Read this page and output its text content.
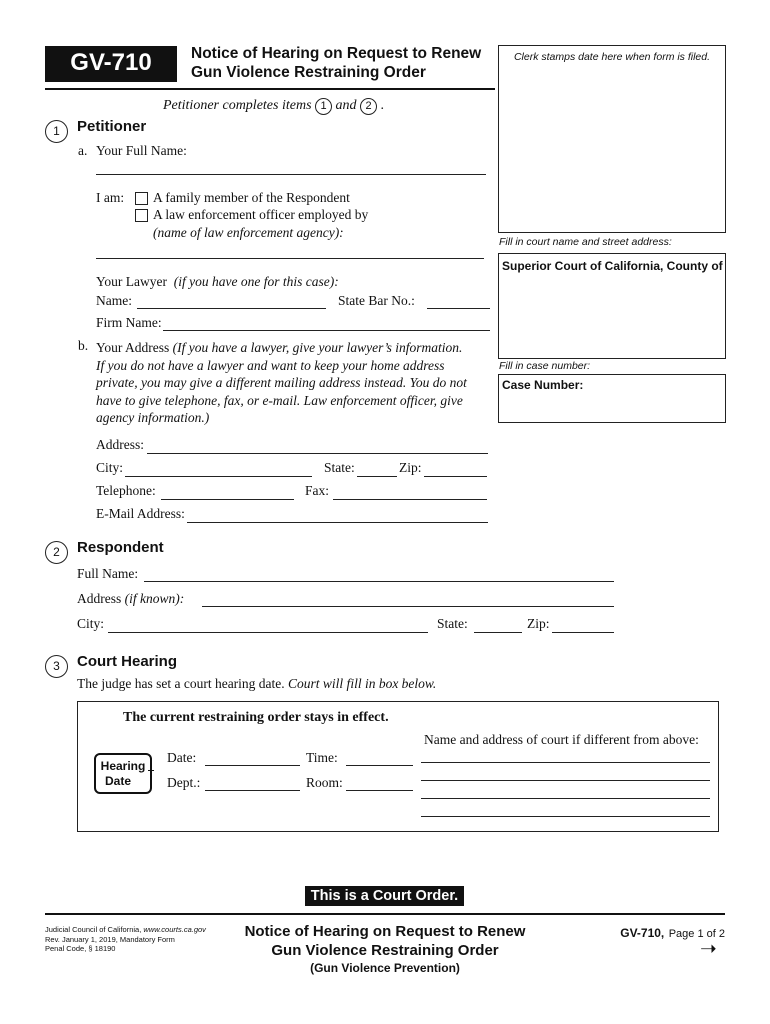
GV-710	Notice of Hearing on Request to Renew
Gun Violence Restraining Order
Clerk stamps date here when form is filed.
Fill in court name and street address:
Superior Court of California, County of
Fill in case number:
Case Number:
Petitioner completes items 1 and 2 .
1	Petitioner
a. Your Full Name:
I am: A family member of the Respondent
A law enforcement officer employed by
(name of law enforcement agency):
Your Lawyer (if you have one for this case):
Name:	State Bar No.:
Firm Name:
b. Your Address (If you have a lawyer, give your lawyer’s information.
If you do not have a lawyer and want to keep your home address
private, you may give a different mailing address instead. You do not
have to give telephone, fax, or e-mail. Law enforcement officer, give
agency information.)
Address:
City:	State:	Zip:
Telephone:	Fax:
E-Mail Address:
2	Respondent
Full Name:
Address (if known):
City:	State:	Zip:
3	Court Hearing
The judge has set a court hearing date. Court will fill in box below.
The current restraining order stays in effect.
Name and address of court if different from above:
Hearing
Date
Date:	Time:
Dept.:	Room:
This is a Court Order.
Judicial Council of California, www.courts.ca.gov
Rev. January 1, 2019, Mandatory Form
Penal Code, § 18190
Notice of Hearing on Request to Renew
Gun Violence Restraining Order
(Gun Violence Prevention)
GV-710, Page 1 of 2
➝
